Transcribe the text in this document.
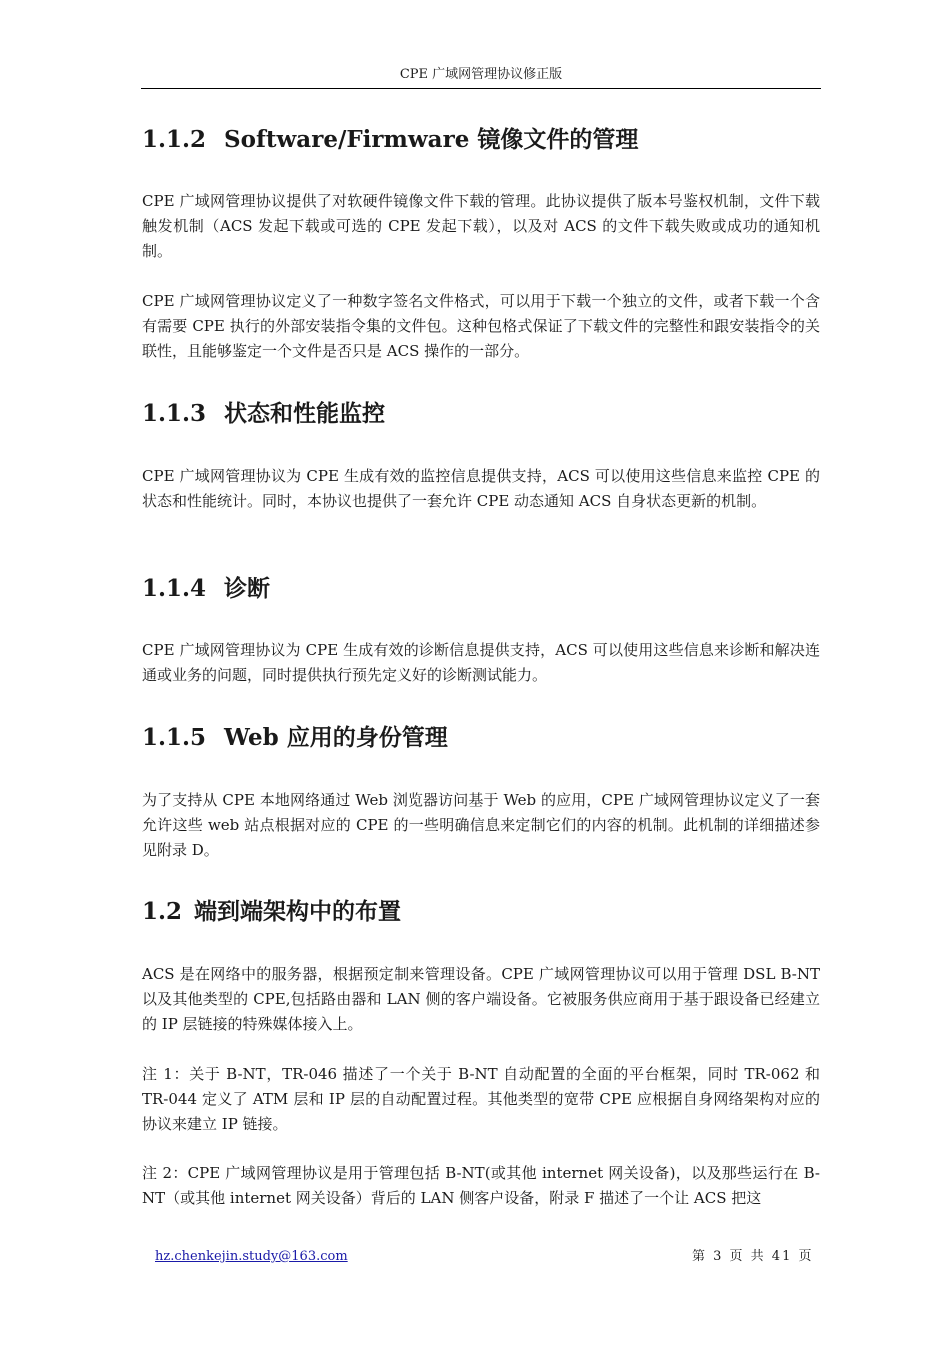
CPE 广域网管理协议修正版
1.1.2 Software/Firmware 镜像文件的管理

CPE 广域网管理协议提供了对软硬件镜像文件下载的管理。此协议提供了版本号鉴权机制，文件下载触发机制（ACS 发起下载或可选的 CPE 发起下载），以及对 ACS 的文件下载失败或成功的通知机制。

CPE 广域网管理协议定义了一种数字签名文件格式，可以用于下载一个独立的文件，或者下载一个含有需要 CPE 执行的外部安装指令集的文件包。这种包格式保证了下载文件的完整性和跟安装指令的关联性，且能够鉴定一个文件是否只是 ACS 操作的一部分。

1.1.3 状态和性能监控

CPE 广域网管理协议为 CPE 生成有效的监控信息提供支持，ACS 可以使用这些信息来监控 CPE 的状态和性能统计。同时，本协议也提供了一套允许 CPE 动态通知 ACS 自身状态更新的机制。

1.1.4 诊断

CPE 广域网管理协议为 CPE 生成有效的诊断信息提供支持，ACS 可以使用这些信息来诊断和解决连通或业务的问题，同时提供执行预先定义好的诊断测试能力。

1.1.5 Web 应用的身份管理

为了支持从 CPE 本地网络通过 Web 浏览器访问基于 Web 的应用，CPE 广域网管理协议定义了一套允许这些 web 站点根据对应的 CPE 的一些明确信息来定制它们的内容的机制。此机制的详细描述参见附录 D。

1.2 端到端架构中的布置

ACS 是在网络中的服务器，根据预定制来管理设备。CPE 广域网管理协议可以用于管理 DSL B-NT 以及其他类型的 CPE,包括路由器和 LAN 侧的客户端设备。它被服务供应商用于基于跟设备已经建立的 IP 层链接的特殊媒体接入上。

注 1：关于 B-NT，TR-046 描述了一个关于 B-NT 自动配置的全面的平台框架，同时 TR-062 和 TR-044 定义了 ATM 层和 IP 层的自动配置过程。其他类型的宽带 CPE 应根据自身网络架构对应的协议来建立 IP 链接。

注 2：CPE 广域网管理协议是用于管理包括 B-NT(或其他 internet 网关设备)，以及那些运行在 B-NT（或其他 internet 网关设备）背后的 LAN 侧客户设备，附录 F 描述了一个让 ACS 把这

hz.chenkejin.study@163.com	第 3 页 共 41 页
